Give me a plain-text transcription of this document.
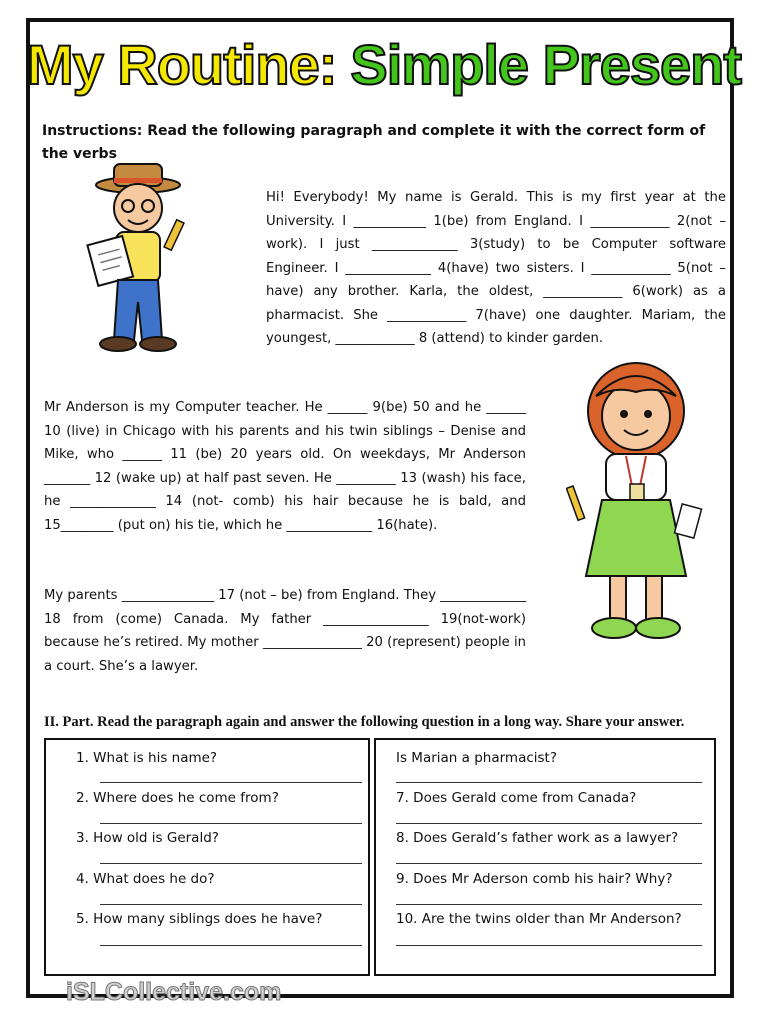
My Routine: Simple Present
Instructions: Read the following paragraph and complete it with the correct form of the verbs
Hi! Everybody! My name is Gerald. This is my first year at the University. I ___________ 1(be) from England. I ____________ 2(not – work). I just _____________ 3(study) to be Computer software Engineer. I _____________ 4(have) two sisters. I ____________ 5(not – have) any brother. Karla, the oldest, ____________ 6(work) as a pharmacist. She ____________ 7(have) one daughter. Mariam, the youngest, ____________ 8 (attend) to kinder garden.
Mr Anderson is my Computer teacher. He ______ 9(be) 50 and he ______ 10 (live) in Chicago with his parents and his twin siblings – Denise and Mike, who ______ 11 (be) 20 years old. On weekdays, Mr Anderson _______ 12 (wake up) at half past seven. He _________ 13 (wash) his face, he _____________ 14 (not- comb) his hair because he is bald, and 15________ (put on) his tie, which he _____________ 16(hate).
My parents ______________ 17 (not – be) from England. They _____________ 18 from (come) Canada. My father ________________ 19(not-work) because he’s retired. My mother _______________ 20 (represent) people in a court. She’s a lawyer.
II. Part. Read the paragraph again and answer the following question in a long way. Share your answer.
1. What is his name?
2. Where does he come from?
3. How old is Gerald?
4. What does he do?
5. How many siblings does he have?
Is Marian a pharmacist?
7. Does Gerald come from Canada?
8. Does Gerald’s father work as a lawyer?
9. Does Mr Aderson comb his hair? Why?
10. Are the twins older than Mr Anderson?
iSLCollective.com
